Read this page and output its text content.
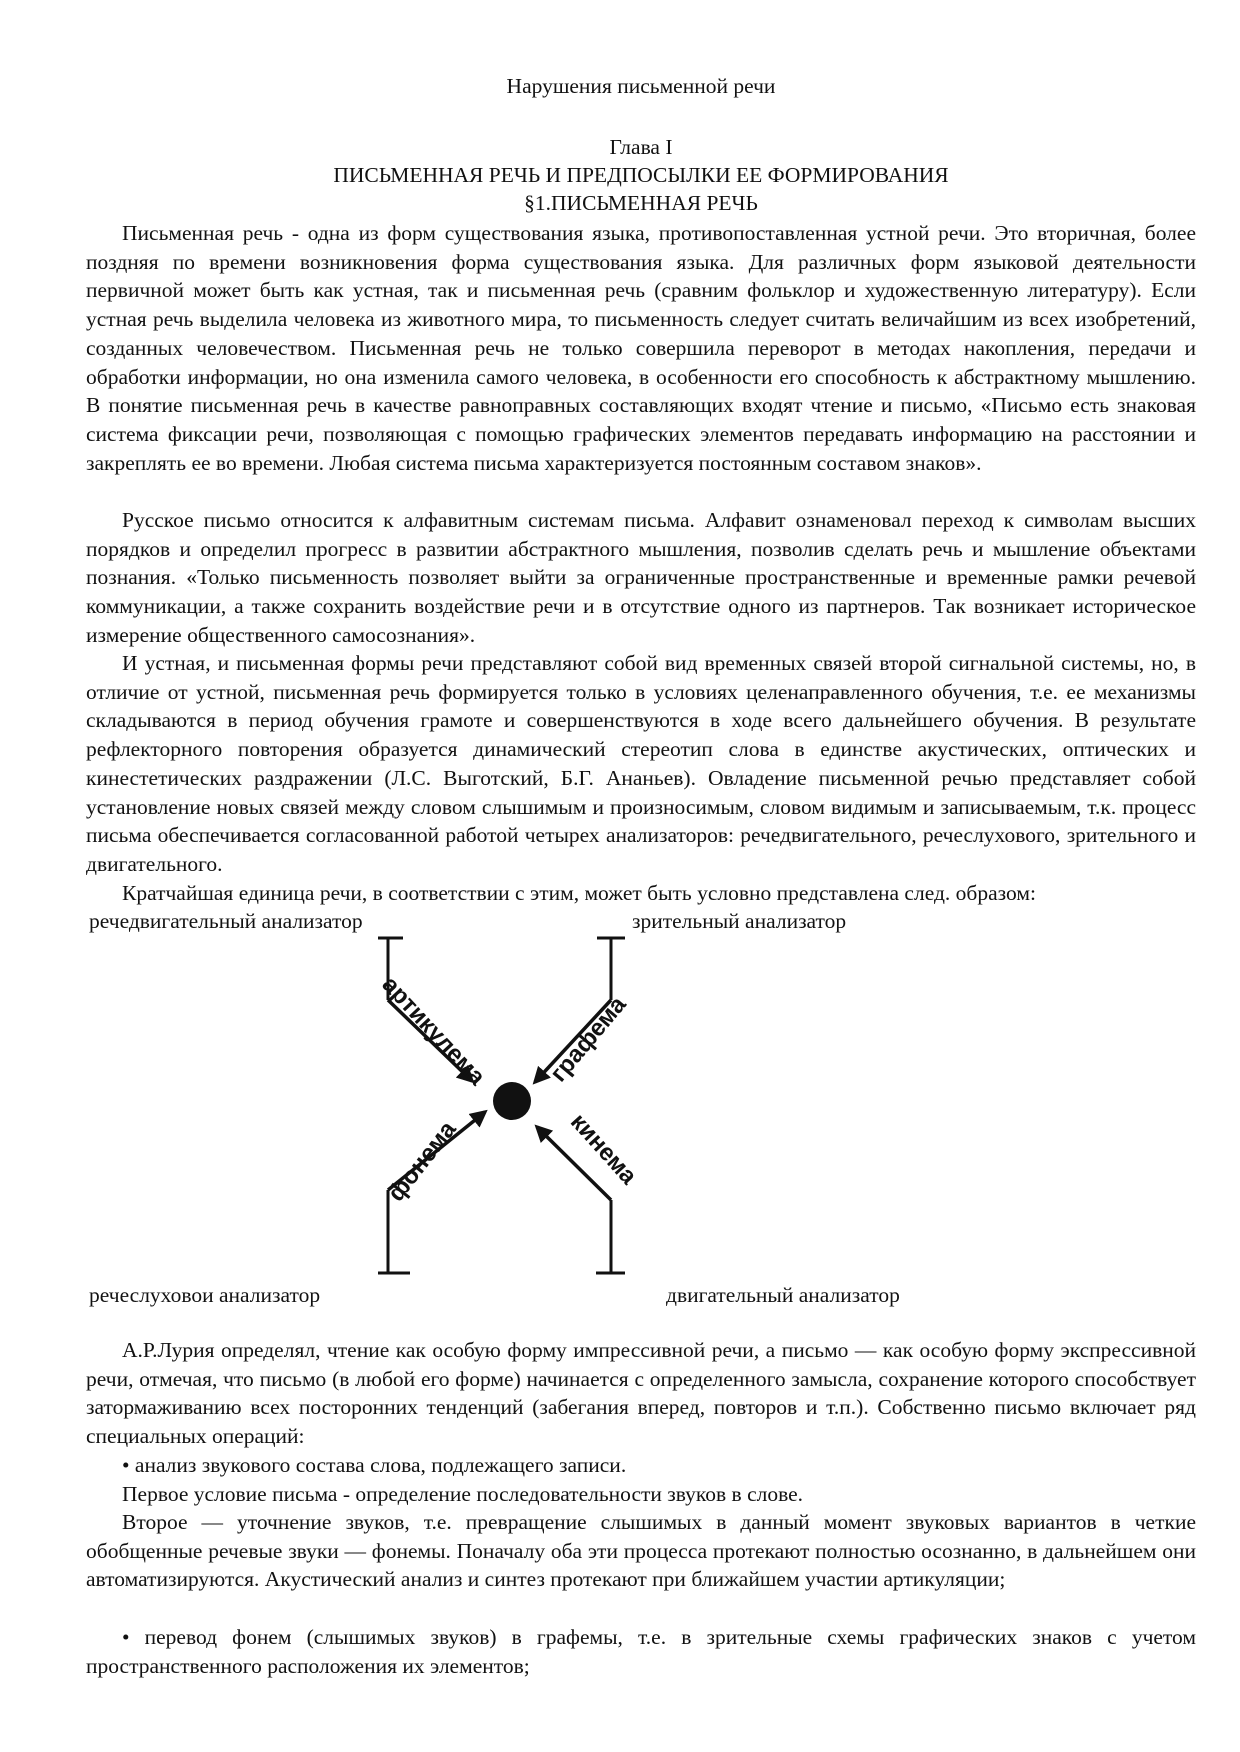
Нарушения письменной речи
Глава I
ПИСЬМЕННАЯ РЕЧЬ И ПРЕДПОСЫЛКИ ЕЕ ФОРМИРОВАНИЯ
§1.ПИСЬМЕННАЯ РЕЧЬ

Письменная речь - одна из форм существования языка, противопоставленная устной речи. Это вторичная, более поздняя по времени возникновения форма существования языка. Для различных форм языковой деятельности первичной может быть как устная, так и письменная речь (сравним фольклор и художественную литературу). Если устная речь выделила человека из животного мира, то письменность следует считать величайшим из всех изобретений, созданных человечеством. Письменная речь не только совершила переворот в методах накопления, передачи и обработки информации, но она изменила самого человека, в особенности его способность к абстрактному мышлению. В понятие письменная речь в качестве равноправных составляющих входят чтение и письмо, «Письмо есть знаковая система фиксации речи, позволяющая с помощью графических элементов передавать информацию на расстоянии и закреплять ее во времени. Любая система письма характеризуется постоянным составом знаков».

Русское письмо относится к алфавитным системам письма. Алфавит ознаменовал переход к символам высших порядков и определил прогресс в развитии абстрактного мышления, позволив сделать речь и мышление объектами познания. «Только письменность позволяет выйти за ограниченные пространственные и временные рамки речевой коммуникации, а также сохранить воздействие речи и в отсутствие одного из партнеров. Так возникает историческое измерение общественного самосознания».

И устная, и письменная формы речи представляют собой вид временных связей второй сигнальной системы, но, в отличие от устной, письменная речь формируется только в условиях целенаправленного обучения, т.е. ее механизмы складываются в период обучения грамоте и совершенствуются в ходе всего дальнейшего обучения. В результате рефлекторного повторения образуется динамический стереотип слова в единстве акустических, оптических и кинестетических раздражении (Л.С. Выготский, Б.Г. Ананьев). Овладение письменной речью представляет собой установление новых связей между словом слышимым и произносимым, словом видимым и записываемым, т.к. процесс письма обеспечивается согласованной работой четырех анализаторов: речедвигательного, речеслухового, зрительного и двигательного.

Кратчайшая единица речи, в соответствии с этим, может быть условно представлена след. образом:

речедвигательный анализатор	зрительный анализатор
артикулема графема
фонема	кинема
речеслуховои анализатор	двигательный анализатор

А.Р.Лурия определял, чтение как особую форму импрессивной речи, а письмо — как особую форму экспрессивной речи, отмечая, что письмо (в любой его форме) начинается с определенного замысла, сохранение которого способствует затормаживанию всех посторонних тенденций (забегания вперед, повторов и т.п.). Собственно письмо включает ряд специальных операций:

• анализ звукового состава слова, подлежащего записи.

Первое условие письма - определение последовательности звуков в слове.

Второе — уточнение звуков, т.е. превращение слышимых в данный момент звуковых вариантов в четкие обобщенные речевые звуки — фонемы. Поначалу оба эти процесса протекают полностью осознанно, в дальнейшем они автоматизируются. Акустический анализ и синтез протекают при ближайшем участии артикуляции;

• перевод фонем (слышимых звуков) в графемы, т.е. в зрительные схемы графических знаков с учетом пространственного расположения их элементов;
